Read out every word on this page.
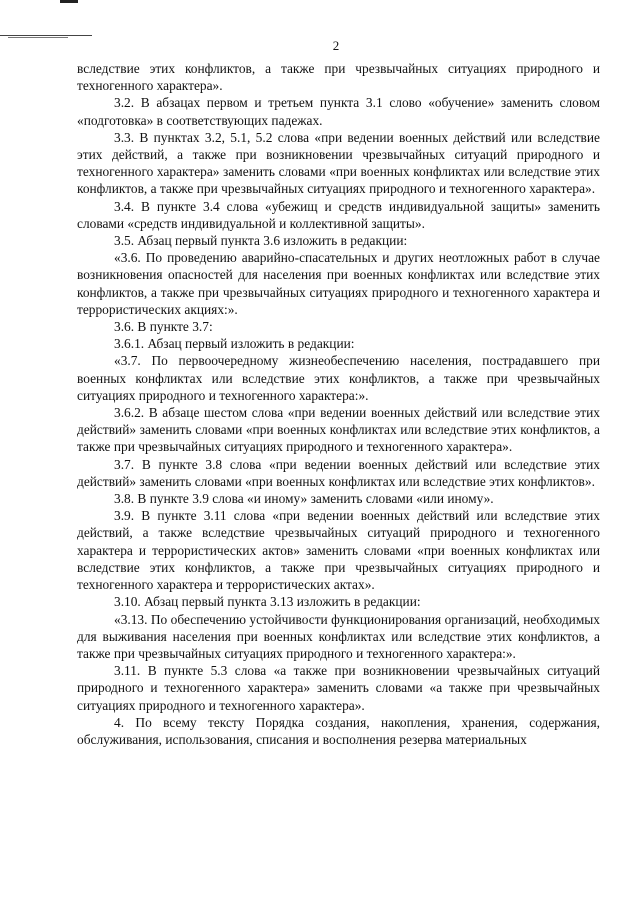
2

вследствие этих конфликтов, а также при чрезвычайных ситуациях природного и техногенного характера».

3.2. В абзацах первом и третьем пункта 3.1 слово «обучение» заменить словом «подготовка» в соответствующих падежах.

3.3. В пунктах 3.2, 5.1, 5.2 слова «при ведении военных действий или вследствие этих действий, а также при возникновении чрезвычайных ситуаций природного и техногенного характера» заменить словами «при военных конфликтах или вследствие этих конфликтов, а также при чрезвычайных ситуациях природного и техногенного характера».

3.4. В пункте 3.4 слова «убежищ и средств индивидуальной защиты» заменить словами «средств индивидуальной и коллективной защиты».

3.5. Абзац первый пункта 3.6 изложить в редакции:

«3.6. По проведению аварийно-спасательных и других неотложных работ в случае возникновения опасностей для населения при военных конфликтах или вследствие этих конфликтов, а также при чрезвычайных ситуациях природного и техногенного характера и террористических акциях:».

3.6. В пункте 3.7:

3.6.1. Абзац первый изложить в редакции:

«3.7. По первоочередному жизнеобеспечению населения, пострадавшего при военных конфликтах или вследствие этих конфликтов, а также при чрезвычайных ситуациях природного и техногенного характера:».

3.6.2. В абзаце шестом слова «при ведении военных действий или вследствие этих действий» заменить словами «при военных конфликтах или вследствие этих конфликтов, а также при чрезвычайных ситуациях природного и техногенного характера».

3.7. В пункте 3.8 слова «при ведении военных действий или вследствие этих действий» заменить словами «при военных конфликтах или вследствие этих конфликтов».

3.8. В пункте 3.9 слова «и иному» заменить словами «или иному».

3.9. В пункте 3.11 слова «при ведении военных действий или вследствие этих действий, а также вследствие чрезвычайных ситуаций природного и техногенного характера и террористических актов» заменить словами «при военных конфликтах или вследствие этих конфликтов, а также при чрезвычайных ситуациях природного и техногенного характера и террористических актах».

3.10. Абзац первый пункта 3.13 изложить в редакции:

«3.13. По обеспечению устойчивости функционирования организаций, необходимых для выживания населения при военных конфликтах или вследствие этих конфликтов, а также при чрезвычайных ситуациях природного и техногенного характера:».

3.11. В пункте 5.3 слова «а также при возникновении чрезвычайных ситуаций природного и техногенного характера» заменить словами «а также при чрезвычайных ситуациях природного и техногенного характера».

4. По всему тексту Порядка создания, накопления, хранения, содержания, обслуживания, использования, списания и восполнения резерва материальных
